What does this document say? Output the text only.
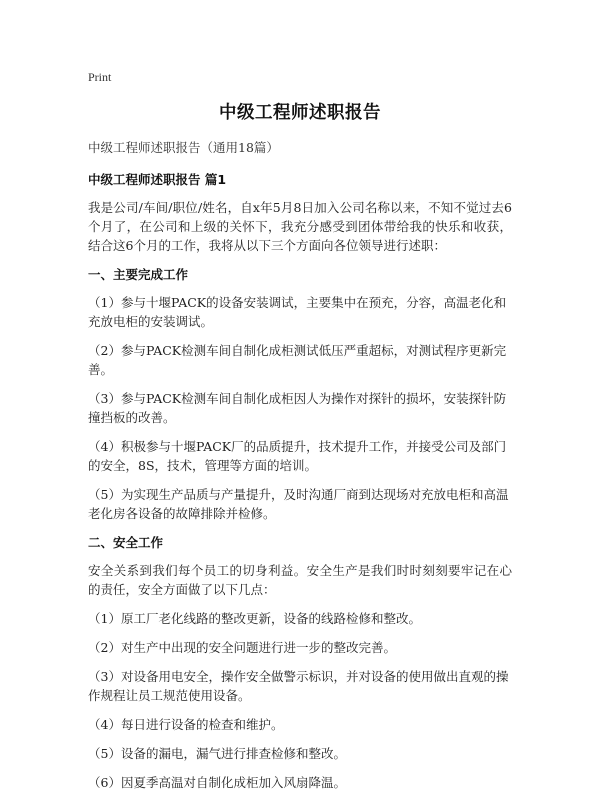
Print
中级工程师述职报告
中级工程师述职报告（通用18篇）
中级工程师述职报告 篇1
我是公司/车间/职位/姓名，自x年5月8日加入公司名称以来，不知不觉过去6个月了，在公司和上级的关怀下，我充分感受到团体带给我的快乐和收获，结合这6个月的工作，我将从以下三个方面向各位领导进行述职：
一、主要完成工作
（1）参与十堰PACK的设备安装调试，主要集中在预充，分容，高温老化和充放电柜的安装调试。
（2）参与PACK检测车间自制化成柜测试低压严重超标，对测试程序更新完善。
（3）参与PACK检测车间自制化成柜因人为操作对探针的损坏，安装探针防撞挡板的改善。
（4）积极参与十堰PACK厂的品质提升，技术提升工作，并接受公司及部门的安全，8S，技术，管理等方面的培训。
（5）为实现生产品质与产量提升，及时沟通厂商到达现场对充放电柜和高温老化房各设备的故障排除并检修。
二、安全工作
安全关系到我们每个员工的切身利益。安全生产是我们时时刻刻要牢记在心的责任，安全方面做了以下几点：
（1）原工厂老化线路的整改更新，设备的线路检修和整改。
（2）对生产中出现的安全问题进行进一步的整改完善。
（3）对设备用电安全，操作安全做警示标识，并对设备的使用做出直观的操作规程让员工规范使用设备。
（4）每日进行设备的检查和维护。
（5）设备的漏电，漏气进行排查检修和整改。
（6）因夏季高温对自制化成柜加入风扇降温。
